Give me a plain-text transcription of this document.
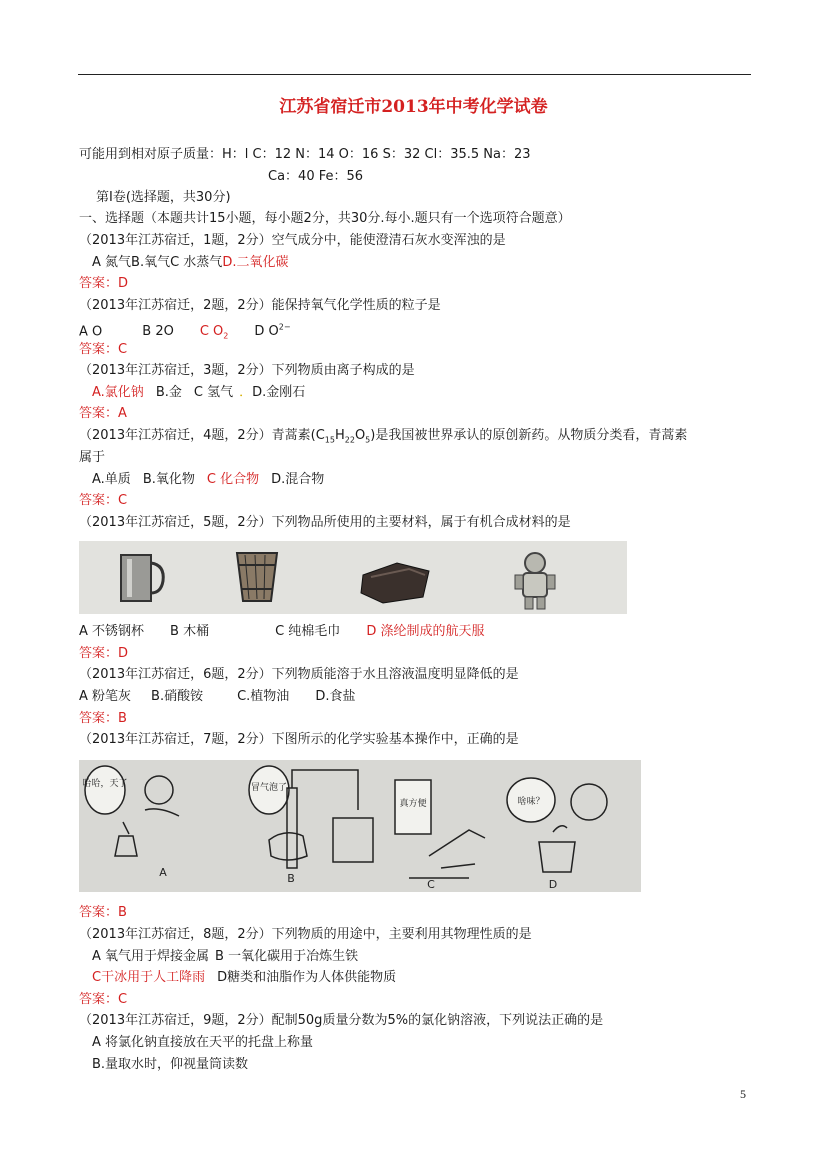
江苏省宿迁市2013年中考化学试卷
可能用到相对原子质量：H：l C：12 N：14 O：16 S：32 Cl：35.5 Na：23
Ca：40 Fe：56
第Ⅰ卷(选择题，共30分)
一、选择题（本题共计15小题，每小题2分，共30分.每小.题只有一个选项符合题意）
（2013年江苏宿迁，1题，2分）空气成分中，能使澄清石灰水变浑浊的是
A 氮气B.氧气C 水蒸气D.二氧化碳
答案：D
（2013年江苏宿迁，2题，2分）能保持氧气化学性质的粒子是
A O	B 2O C $O_2$ D $O^{2-}$
答案：C
（2013年江苏宿迁，3题，2分）下列物质由离子构成的是
A.氯化钠 B.金 C 氢气 ．D.金刚石
答案：A
（2013年江苏宿迁，4题，2分）青蒿素$(C_{15}H_{22}O_5)$是我国被世界承认的原创新药。从物质分类看，青蒿素
属于
A.单质 B.氧化物 C 化合物 D.混合物
答案：C
（2013年江苏宿迁，5题，2分）下列物品所使用的主要材料，属于有机合成材料的是
A 不锈钢杯 B 木桶	C 纯棉毛巾 D 涤纶制成的航天服
答案：D
（2013年江苏宿迁，6题，2分）下列物质能溶于水且溶液温度明显降低的是
A 粉笔灰 B.硝酸铵	C.植物油 D.食盐
答案：B
（2013年江苏宿迁，7题，2分）下图所示的化学实验基本操作中，正确的是
哈哈，天了	冒气泡了
真方便	啥味？
A	B	C	D
答案：B
（2013年江苏宿迁，8题，2分）下列物质的用途中，主要利用其物理性质的是
A 氧气用于焊接金属 B 一氧化碳用于冶炼生铁
C干冰用于人工降雨 D糖类和油脂作为人体供能物质
答案：C
（2013年江苏宿迁，9题，2分）配制50g质量分数为5%的氯化钠溶液，下列说法正确的是
A 将氯化钠直接放在天平的托盘上称量
B.量取水时，仰视量筒读数
5
